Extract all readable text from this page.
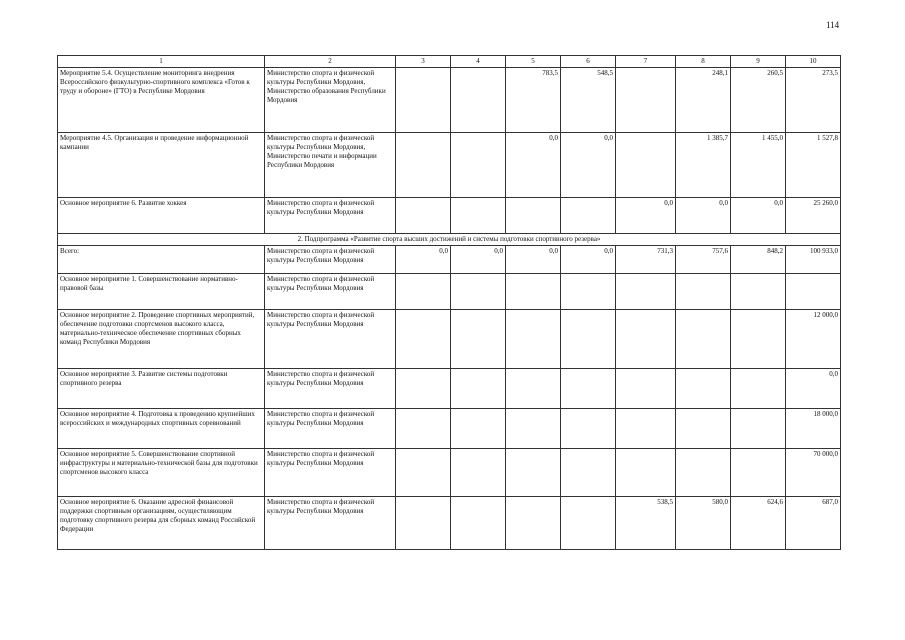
114
1	2	3	4	5	6	7	8	9	10
Мероприятие 5.4. Осуществление мониторинга внедрения Всероссийского физкультурно-спортивного комплекса «Готов к труду и обороне» (ГТО) в Республике Мордовия	Министерство спорта и физической культуры Республики Мордовия, Министерство образования Республики Мордовия			783,5	548,5		248,1	260,5	273,5
Мероприятие 4.5. Организация и проведение информационной кампании	Министерство спорта и физической культуры Республики Мордовия, Министерство печати и информации Республики Мордовия			0,0	0,0		1 385,7	1 455,0	1 527,8
Основное мероприятие 6. Развитие хоккея	Министерство спорта и физической культуры Республики Мордовия					0,0	0,0	0,0	25 260,0
2. Подпрограмма «Развитие спорта высших достижений и системы подготовки спортивного резерва»									
Всего:	Министерство спорта и физической культуры Республики Мордовия	0,0	0,0	0,0	0,0	731,3	757,6	848,2	100 933,0
Основное мероприятие 1. Совершенствование нормативно-правовой базы	Министерство спорта и физической культуры Республики Мордовия								
Основное мероприятие 2. Проведение спортивных мероприятий, обеспечение подготовки спортсменов высокого класса, материально-техническое обеспечение спортивных сборных команд Республики Мордовия	Министерство спорта и физической культуры Республики Мордовия								12 000,0
Основное мероприятие 3. Развитие системы подготовки спортивного резерва	Министерство спорта и физической культуры Республики Мордовия								0,0
Основное мероприятие 4. Подготовка к проведению крупнейших всероссийских и международных спортивных соревнований	Министерство спорта и физической культуры Республики Мордовия								18 000,0
Основное мероприятие 5. Совершенствование спортивной инфраструктуры и материально-технической базы для подготовки спортсменов высокого класса	Министерство спорта и физической культуры Республики Мордовия								70 000,0
Основное мероприятие 6. Оказание адресной финансовой поддержки спортивным организациям, осуществляющим подготовку спортивного резерва для сборных команд Российской Федерации	Министерство спорта и физической культуры Республики Мордовия					538,5	580,0	624,6	687,0
